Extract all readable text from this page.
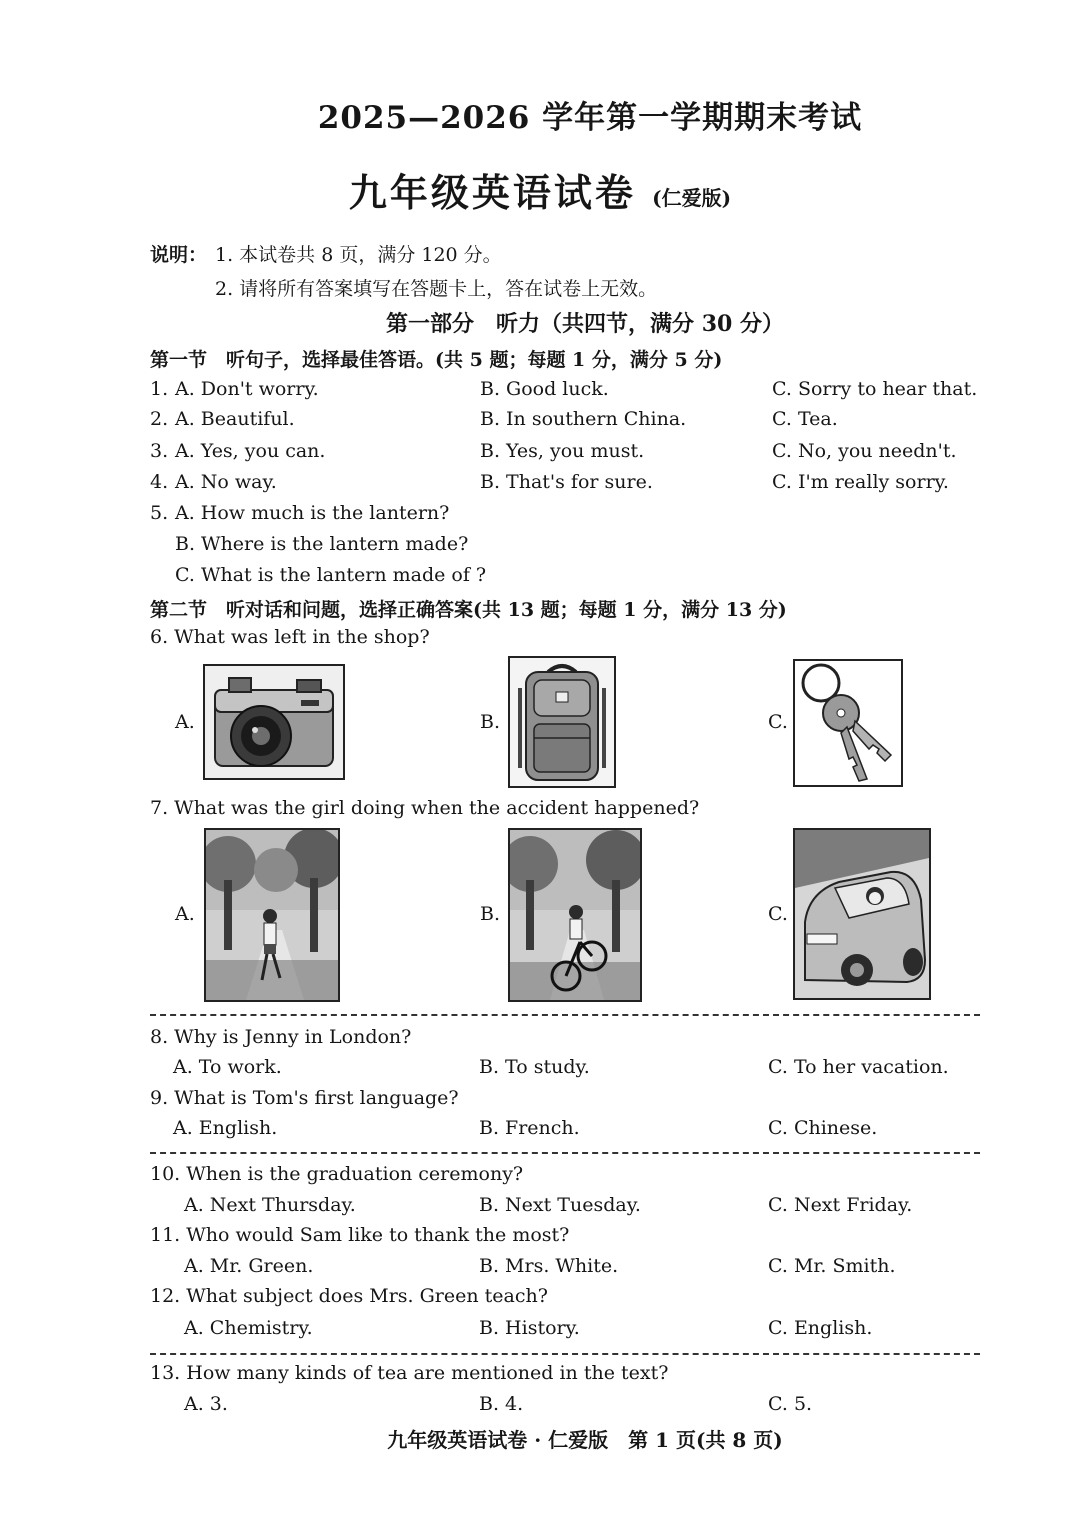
2025—2026 学年第一学期期末考试
九年级英语试卷 (仁爱版)
说明： 1. 本试卷共 8 页，满分 120 分。
2. 请将所有答案填写在答题卡上，答在试卷上无效。
第一部分　听力（共四节，满分 30 分）
第一节　听句子，选择最佳答语。(共 5 题；每题 1 分，满分 5 分)
1. A. Don't worry.	B. Good luck.	C. Sorry to hear that.
2. A. Beautiful.	B. In southern China.	C. Tea.
3. A. Yes, you can.	B. Yes, you must.	C. No, you needn't.
4. A. No way.	B. That's for sure.	C. I'm really sorry.
5. A. How much is the lantern?
B. Where is the lantern made?
C. What is the lantern made of ?
第二节　听对话和问题，选择正确答案(共 13 题；每题 1 分，满分 13 分)
6. What was left in the shop?
A.	B.	C.
7. What was the girl doing when the accident happened?
A.	B.	C.
8. Why is Jenny in London?
A. To work.	B. To study.	C. To her vacation.
9. What is Tom's first language?
A. English.	B. French.	C. Chinese.
10. When is the graduation ceremony?
A. Next Thursday.	B. Next Tuesday.	C. Next Friday.
11. Who would Sam like to thank the most?
A. Mr. Green.	B. Mrs. White.	C. Mr. Smith.
12. What subject does Mrs. Green teach?
A. Chemistry.	B. History.	C. English.
13. How many kinds of tea are mentioned in the text?
A. 3.	B. 4.	C. 5.
九年级英语试卷 · 仁爱版　第 1 页(共 8 页)
